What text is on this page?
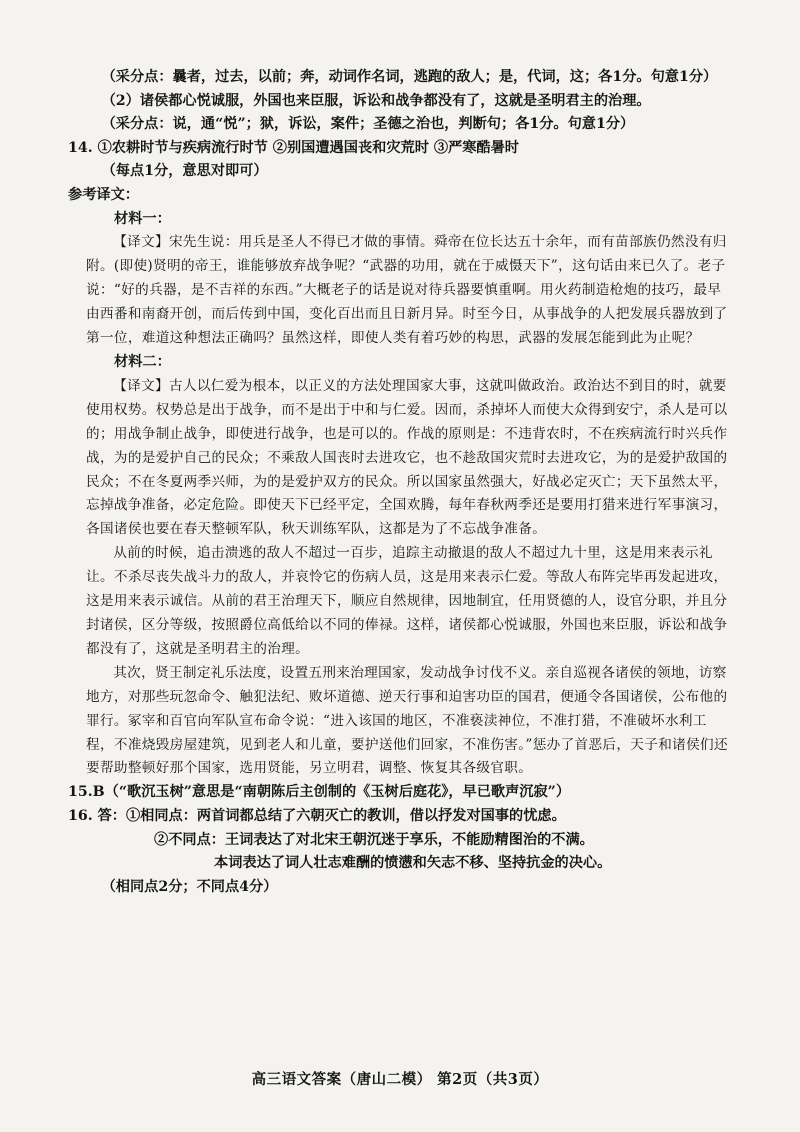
（采分点：曩者，过去，以前；奔，动词作名词，逃跑的敌人；是，代词，这；各1分。句意1分）

（2）诸侯都心悦诚服，外国也来臣服，诉讼和战争都没有了，这就是圣明君主的治理。

（采分点：说，通“悦”；狱，诉讼，案件；圣德之治也，判断句；各1分。句意1分）

14. ①农耕时节与疾病流行时节 ②别国遭遇国丧和灾荒时 ③严寒酷暑时

（每点1分，意思对即可）

参考译文：

材料一：

【译文】宋先生说：用兵是圣人不得已才做的事情。舜帝在位长达五十余年，而有苗部族仍然没有归附。(即使)贤明的帝王，谁能够放弃战争呢？“武器的功用，就在于威慑天下”，这句话由来已久了。老子说：“好的兵器，是不吉祥的东西。”大概老子的话是说对待兵器要慎重啊。用火药制造枪炮的技巧，最早由西番和南裔开创，而后传到中国，变化百出而且日新月异。时至今日，从事战争的人把发展兵器放到了第一位，难道这种想法正确吗？虽然这样，即使人类有着巧妙的构思，武器的发展怎能到此为止呢？

材料二：

【译文】古人以仁爱为根本，以正义的方法处理国家大事，这就叫做政治。政治达不到目的时，就要使用权势。权势总是出于战争，而不是出于中和与仁爱。因而，杀掉坏人而使大众得到安宁，杀人是可以的；用战争制止战争，即使进行战争，也是可以的。作战的原则是：不违背农时，不在疾病流行时兴兵作战，为的是爱护自己的民众；不乘敌人国丧时去进攻它，也不趁敌国灾荒时去进攻它，为的是爱护敌国的民众；不在冬夏两季兴师，为的是爱护双方的民众。所以国家虽然强大，好战必定灭亡；天下虽然太平，忘掉战争准备，必定危险。即使天下已经平定，全国欢腾，每年春秋两季还是要用打猎来进行军事演习，各国诸侯也要在春天整顿军队，秋天训练军队，这都是为了不忘战争准备。

从前的时候，追击溃逃的敌人不超过一百步，追踪主动撤退的敌人不超过九十里，这是用来表示礼让。不杀尽丧失战斗力的敌人，并哀怜它的伤病人员，这是用来表示仁爱。等敌人布阵完毕再发起进攻，这是用来表示诚信。从前的君王治理天下，顺应自然规律，因地制宜，任用贤德的人，设官分职，并且分封诸侯，区分等级，按照爵位高低给以不同的俸禄。这样，诸侯都心悦诚服，外国也来臣服，诉讼和战争都没有了，这就是圣明君主的治理。

其次，贤王制定礼乐法度，设置五刑来治理国家，发动战争讨伐不义。亲自巡视各诸侯的领地，访察地方，对那些玩忽命令、触犯法纪、败坏道德、逆天行事和迫害功臣的国君，便通令各国诸侯，公布他的罪行。冢宰和百官向军队宣布命令说：“进入该国的地区，不准亵渎神位，不准打猎，不准破坏水利工程，不准烧毁房屋建筑，见到老人和儿童，要护送他们回家，不准伤害。”惩办了首恶后，天子和诸侯们还要帮助整顿好那个国家，选用贤能，另立明君，调整、恢复其各级官职。

15.B（“歌沉玉树”意思是“南朝陈后主创制的《玉树后庭花》，早已歌声沉寂”）

16. 答：①相同点：两首词都总结了六朝灭亡的教训，借以抒发对国事的忧虑。

②不同点：王词表达了对北宋王朝沉迷于享乐，不能励精图治的不满。

本词表达了词人壮志难酬的愤懑和矢志不移、坚持抗金的决心。

（相同点2分；不同点4分）

高三语文答案（唐山二模） 第2页（共3页）
